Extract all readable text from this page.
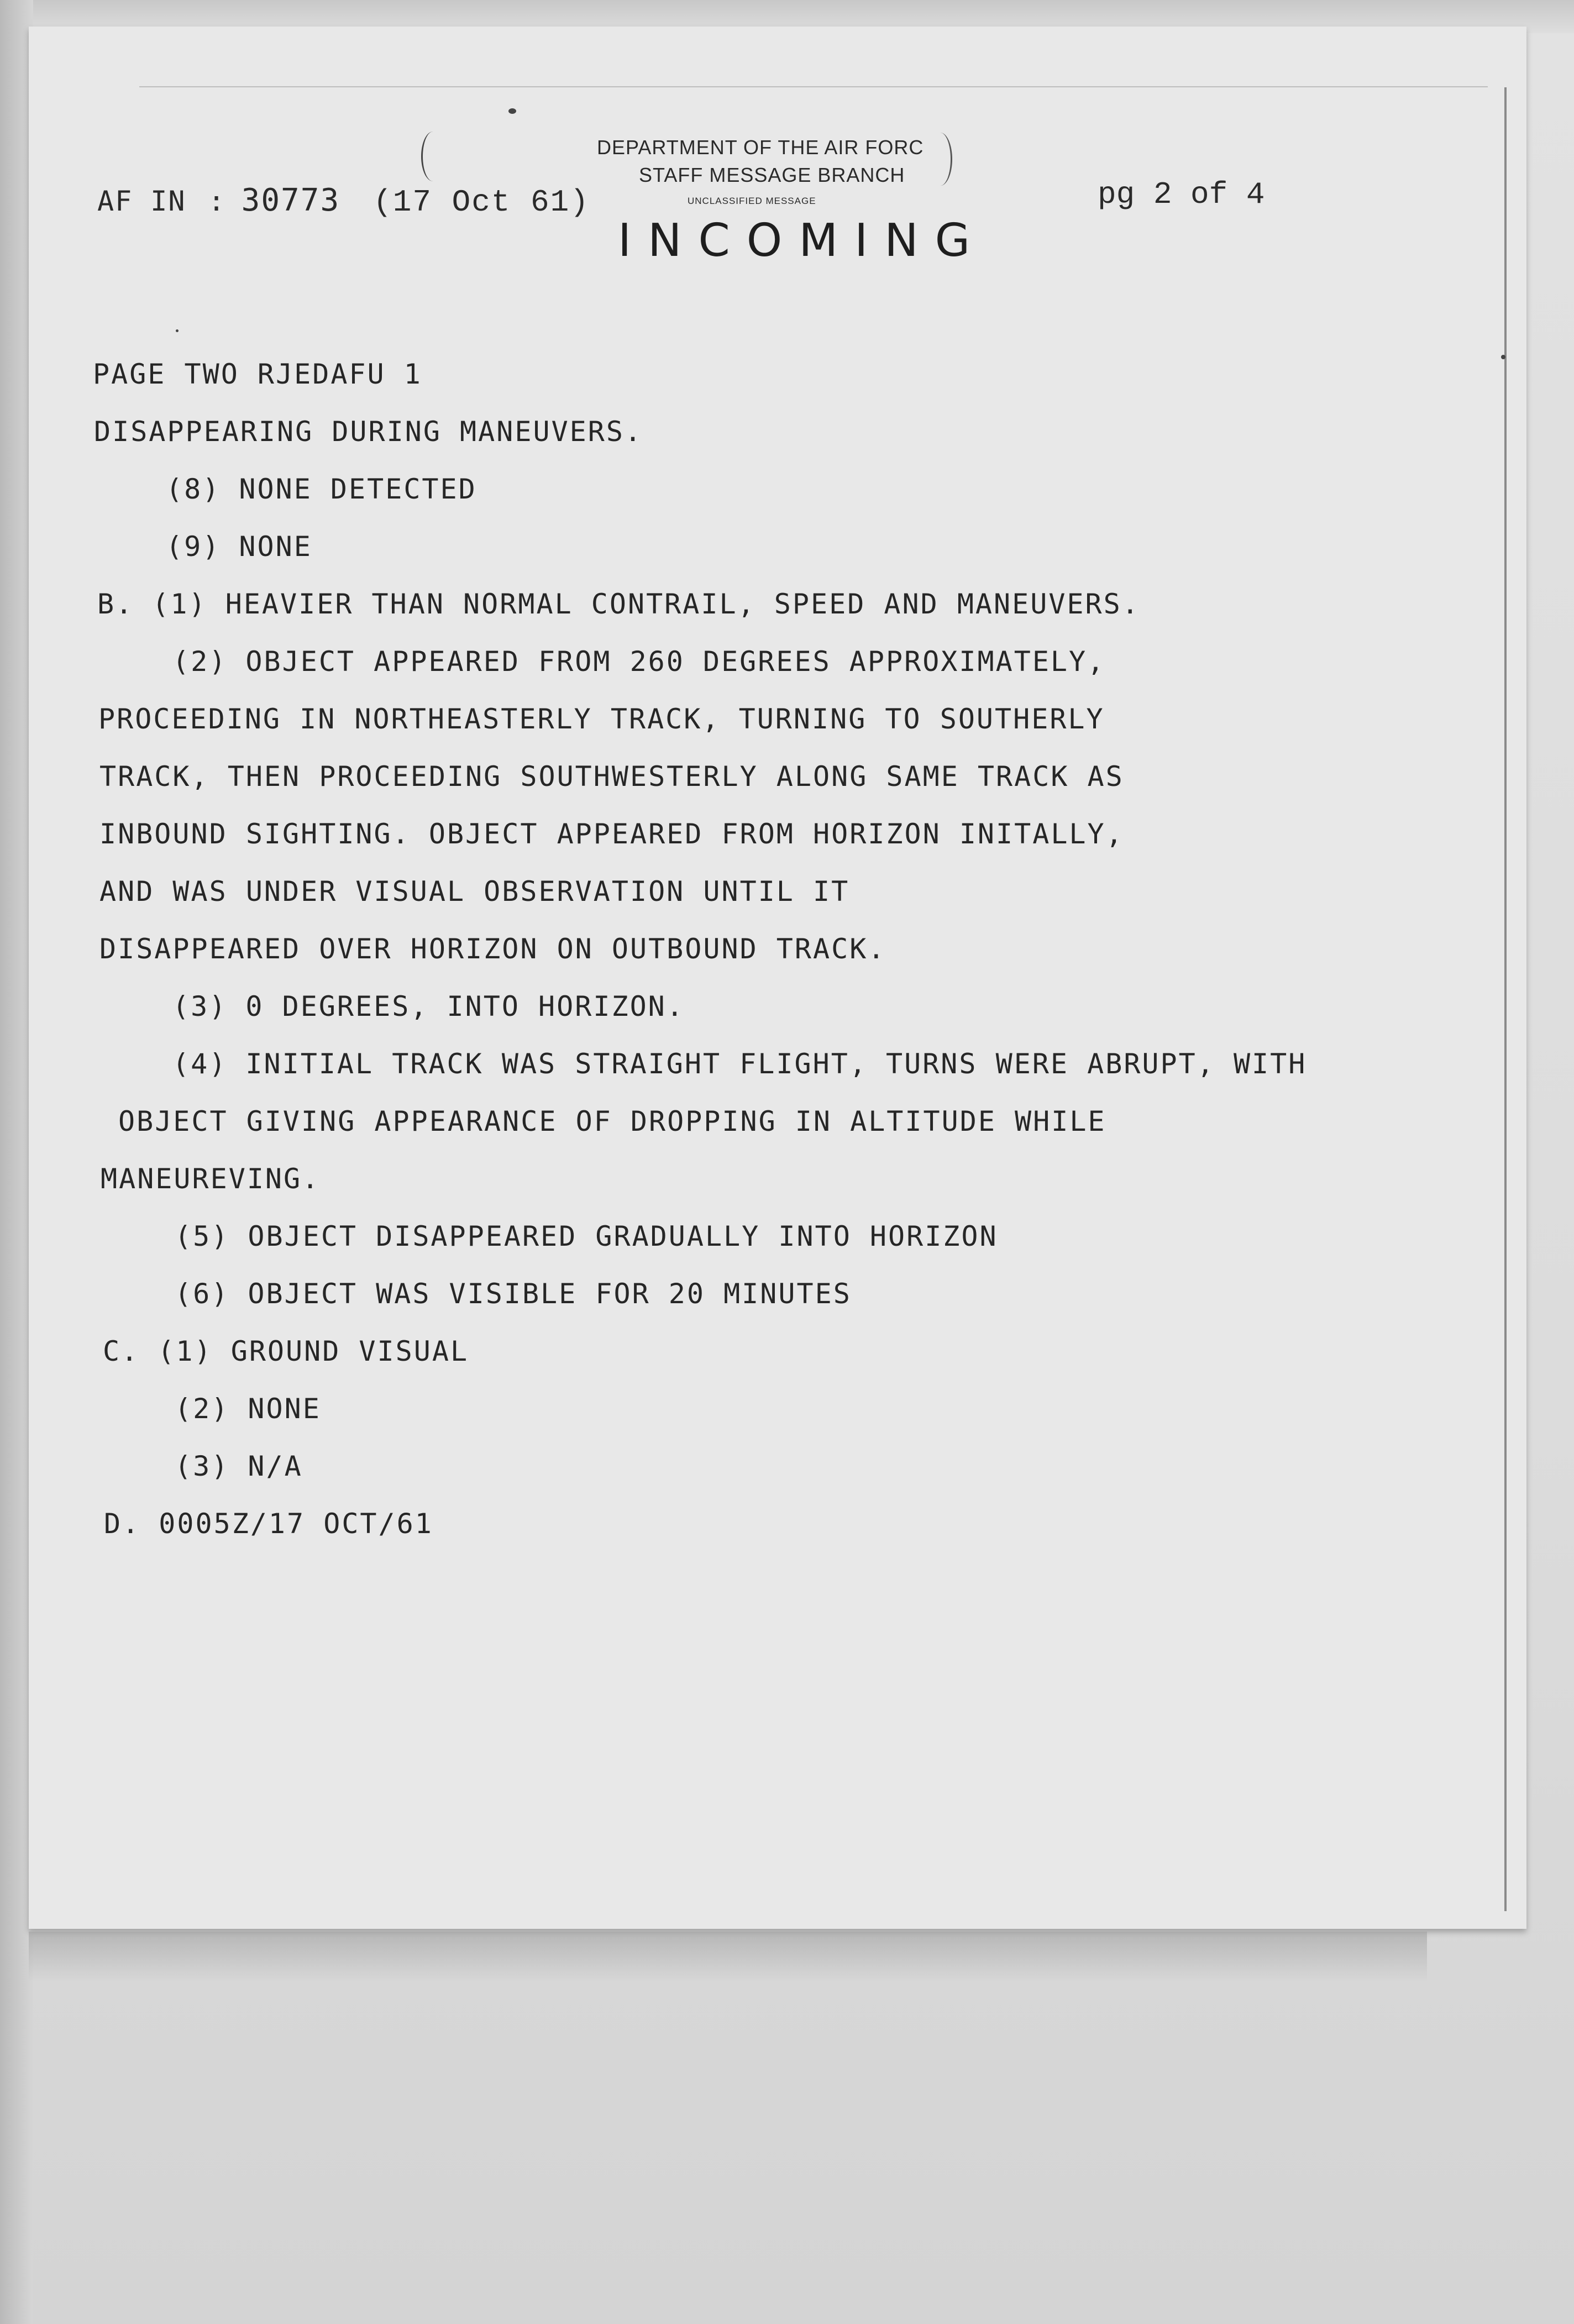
AF IN : 30773 (17 Oct 61)
DEPARTMENT OF THE AIR FORC
STAFF MESSAGE BRANCH
UNCLASSIFIED MESSAGE
INCOMING
pg 2 of 4
PAGE TWO RJEDAFU 1
DISAPPEARING DURING MANEUVERS.
(8) NONE DETECTED
(9) NONE
B. (1) HEAVIER THAN NORMAL CONTRAIL, SPEED AND MANEUVERS.
(2) OBJECT APPEARED FROM 260 DEGREES APPROXIMATELY,
PROCEEDING IN NORTHEASTERLY TRACK, TURNING TO SOUTHERLY
TRACK, THEN PROCEEDING SOUTHWESTERLY ALONG SAME TRACK AS
INBOUND SIGHTING. OBJECT APPEARED FROM HORIZON INITALLY,
AND WAS UNDER VISUAL OBSERVATION UNTIL IT
DISAPPEARED OVER HORIZON ON OUTBOUND TRACK.
(3) 0 DEGREES, INTO HORIZON.
(4) INITIAL TRACK WAS STRAIGHT FLIGHT, TURNS WERE ABRUPT, WITH
OBJECT GIVING APPEARANCE OF DROPPING IN ALTITUDE WHILE
MANEUREVING.
(5) OBJECT DISAPPEARED GRADUALLY INTO HORIZON
(6) OBJECT WAS VISIBLE FOR 20 MINUTES
C. (1) GROUND VISUAL
(2) NONE
(3) N/A
D. 0005Z/17 OCT/61
